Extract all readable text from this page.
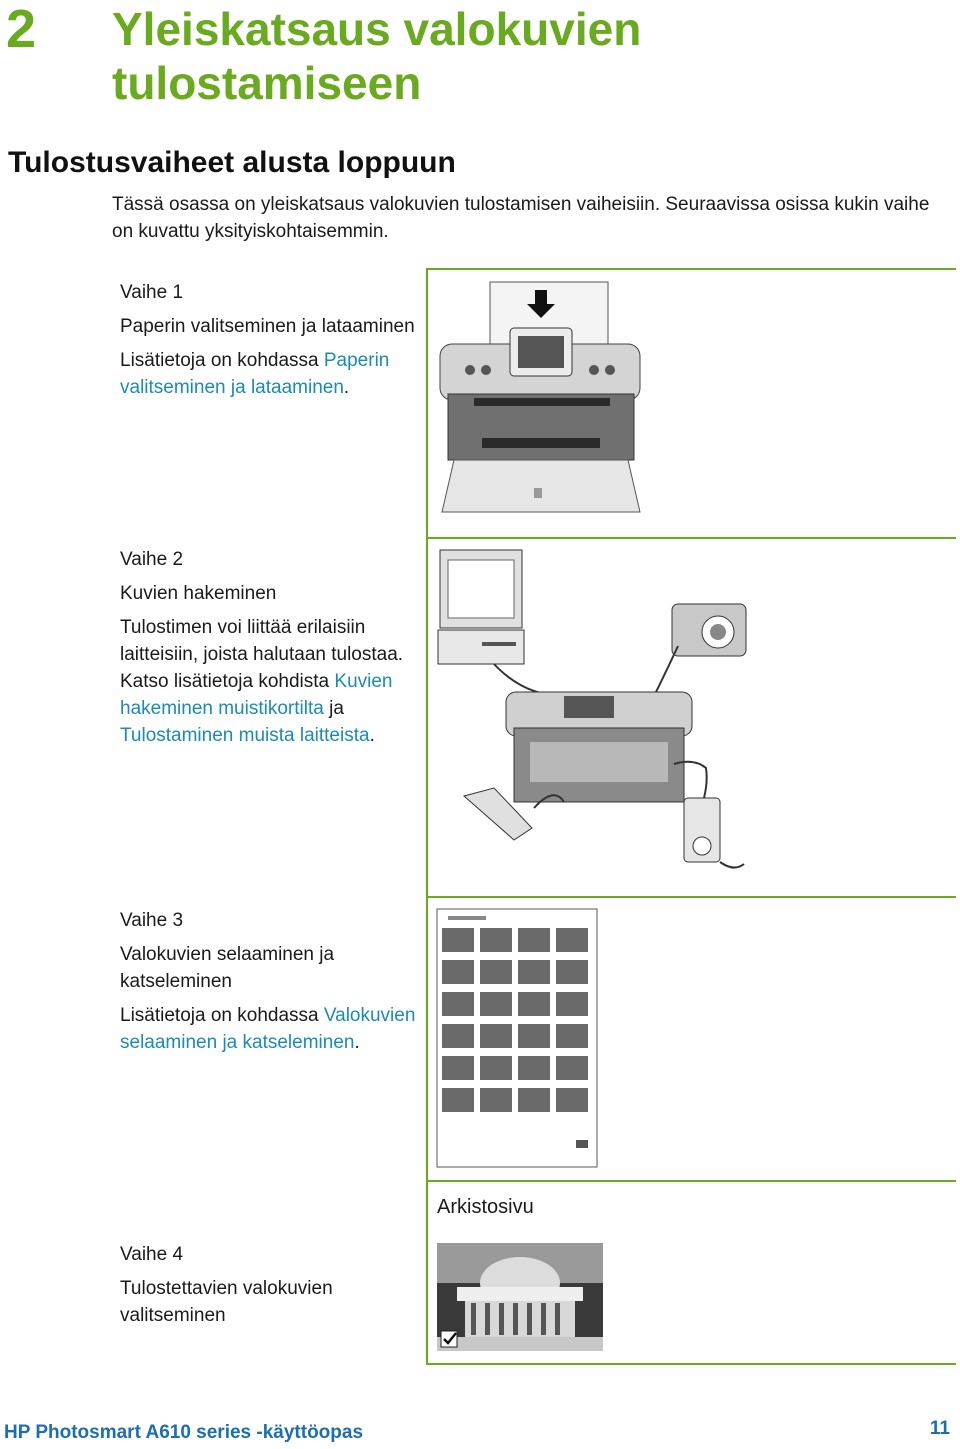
2 Yleiskatsaus valokuvien tulostamiseen
Tulostusvaiheet alusta loppuun
Tässä osassa on yleiskatsaus valokuvien tulostamisen vaiheisiin. Seuraavissa osissa kukin vaihe on kuvattu yksityiskohtaisemmin.
Vaihe 1
Paperin valitseminen ja lataaminen

Lisätietoja on kohdassa Paperin valitseminen ja lataaminen.

Vaihe 2
Kuvien hakeminen

Tulostimen voi liittää erilaisiin laitteisiin, joista halutaan tulostaa. Katso lisätietoja kohdista Kuvien hakeminen muistikortilta ja Tulostaminen muista laitteista.

Vaihe 3
Valokuvien selaaminen ja katseleminen

Lisätietoja on kohdassa Valokuvien selaaminen ja katseleminen.

Vaihe 4
Tulostettavien valokuvien valitseminen
Arkistosivu
HP Photosmart A610 series -käyttöopas	11
